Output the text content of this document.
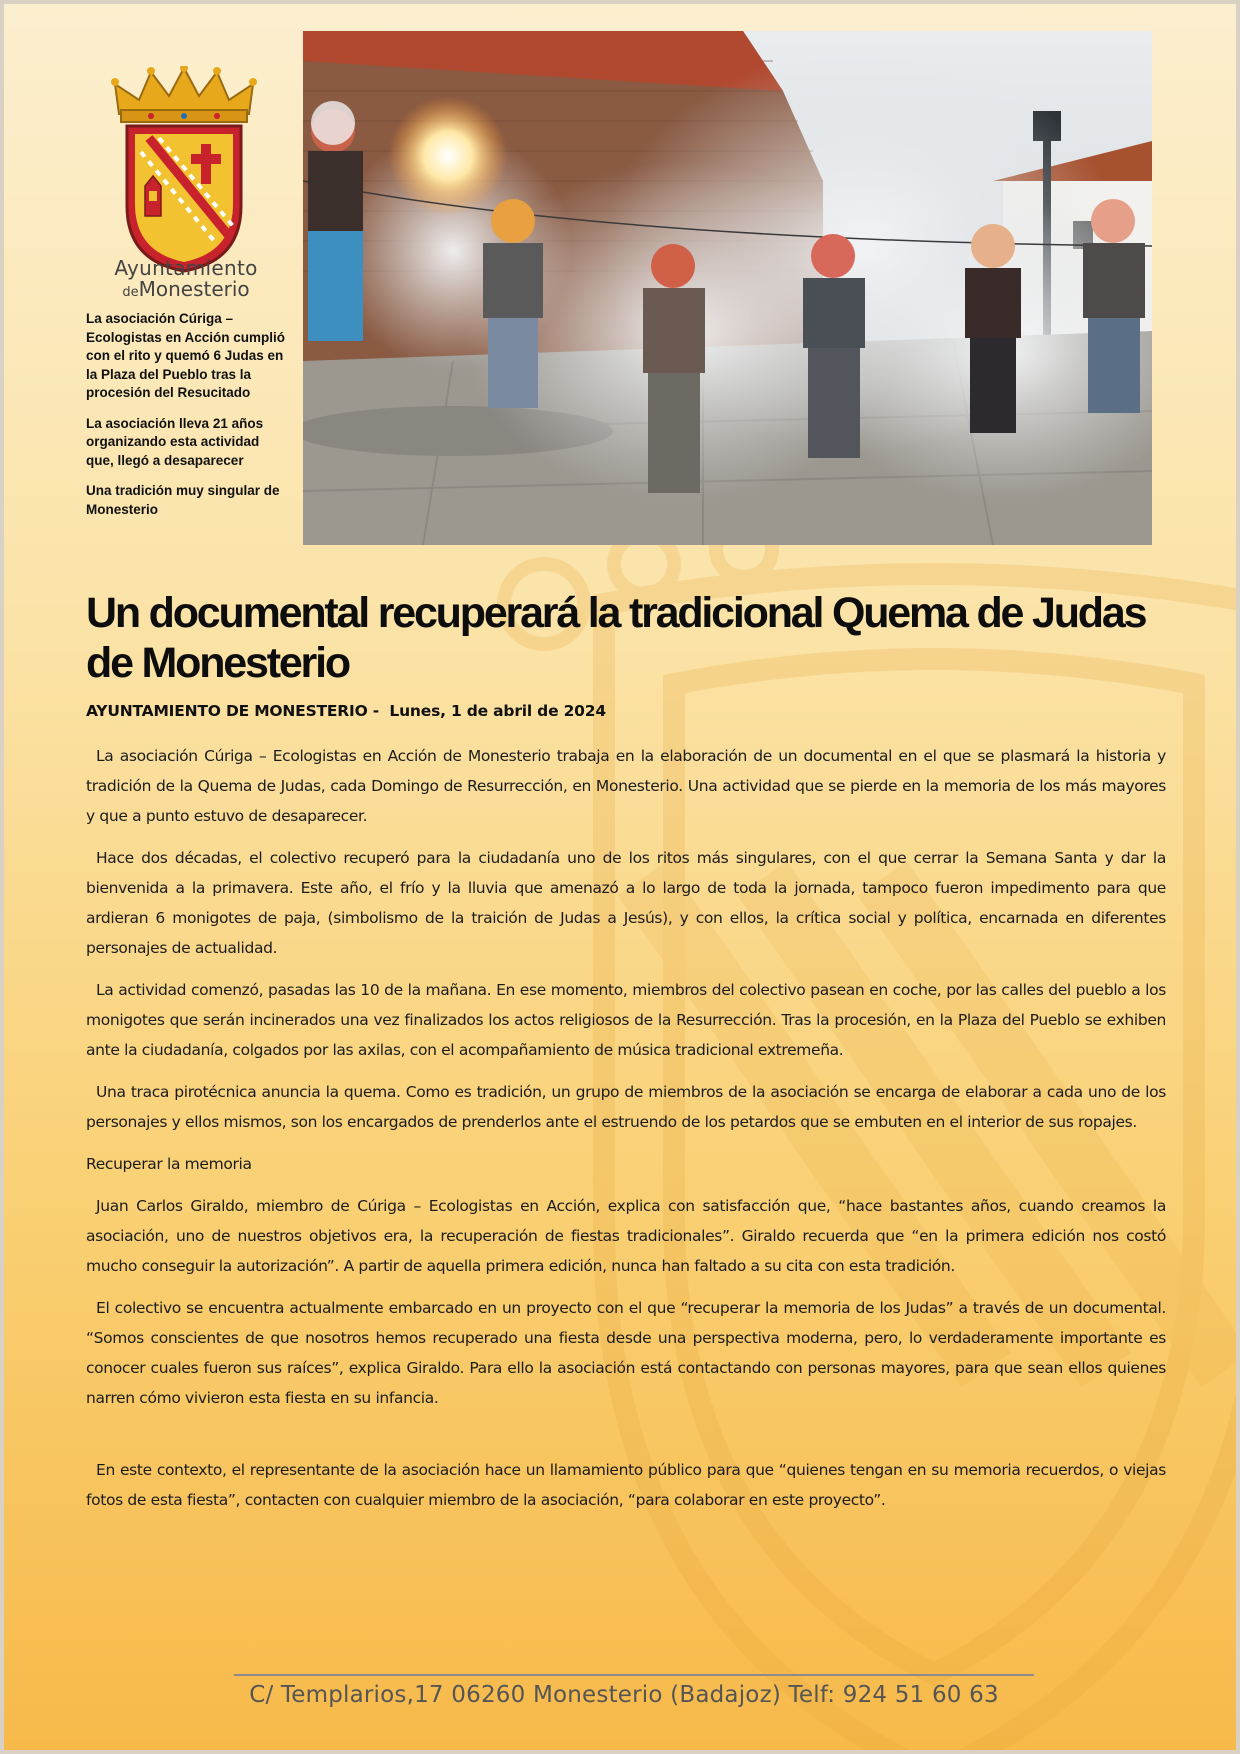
Ayuntamiento
deMonesterio

La asociación Cúriga – Ecologistas en Acción cumplió con el rito y quemó 6 Judas en la Plaza del Pueblo tras la procesión del Resucitado

La asociación lleva 21 años organizando esta actividad que, llegó a desaparecer

Una tradición muy singular de Monesterio

Un documental recuperará la tradicional Quema de Judas de Monesterio

AYUNTAMIENTO DE MONESTERIO -  Lunes, 1 de abril de 2024

La asociación Cúriga – Ecologistas en Acción de Monesterio trabaja en la elaboración de un documental en el que se plasmará la historia y tradición de la Quema de Judas, cada Domingo de Resurrección, en Monesterio. Una actividad que se pierde en la memoria de los más mayores y que a punto estuvo de desaparecer.

Hace dos décadas, el colectivo recuperó para la ciudadanía uno de los ritos más singulares, con el que cerrar la Semana Santa y dar la bienvenida a la primavera. Este año, el frío y la lluvia que amenazó a lo largo de toda la jornada, tampoco fueron impedimento para que ardieran 6 monigotes de paja, (simbolismo de la traición de Judas a Jesús), y con ellos, la crítica social y política, encarnada en diferentes personajes de actualidad.

La actividad comenzó, pasadas las 10 de la mañana. En ese momento, miembros del colectivo pasean en coche, por las calles del pueblo a los monigotes que serán incinerados una vez finalizados los actos religiosos de la Resurrección. Tras la procesión, en la Plaza del Pueblo se exhiben ante la ciudadanía, colgados por las axilas, con el acompañamiento de música tradicional extremeña.

Una traca pirotécnica anuncia la quema. Como es tradición, un grupo de miembros de la asociación se encarga de elaborar a cada uno de los personajes y ellos mismos, son los encargados de prenderlos ante el estruendo de los petardos que se embuten en el interior de sus ropajes.

Recuperar la memoria

Juan Carlos Giraldo, miembro de Cúriga – Ecologistas en Acción, explica con satisfacción que, “hace bastantes años, cuando creamos la asociación, uno de nuestros objetivos era, la recuperación de fiestas tradicionales”. Giraldo recuerda que “en la primera edición nos costó mucho conseguir la autorización”. A partir de aquella primera edición, nunca han faltado a su cita con esta tradición.

El colectivo se encuentra actualmente embarcado en un proyecto con el que “recuperar la memoria de los Judas” a través de un documental. “Somos conscientes de que nosotros hemos recuperado una fiesta desde una perspectiva moderna, pero, lo verdaderamente importante es conocer cuales fueron sus raíces”, explica Giraldo. Para ello la asociación está contactando con personas mayores, para que sean ellos quienes narren cómo vivieron esta fiesta en su infancia.

En este contexto, el representante de la asociación hace un llamamiento público para que “quienes tengan en su memoria recuerdos, o viejas fotos de esta fiesta”, contacten con cualquier miembro de la asociación, “para colaborar en este proyecto”.

C/ Templarios,17 06260 Monesterio (Badajoz) Telf: 924 51 60 63
